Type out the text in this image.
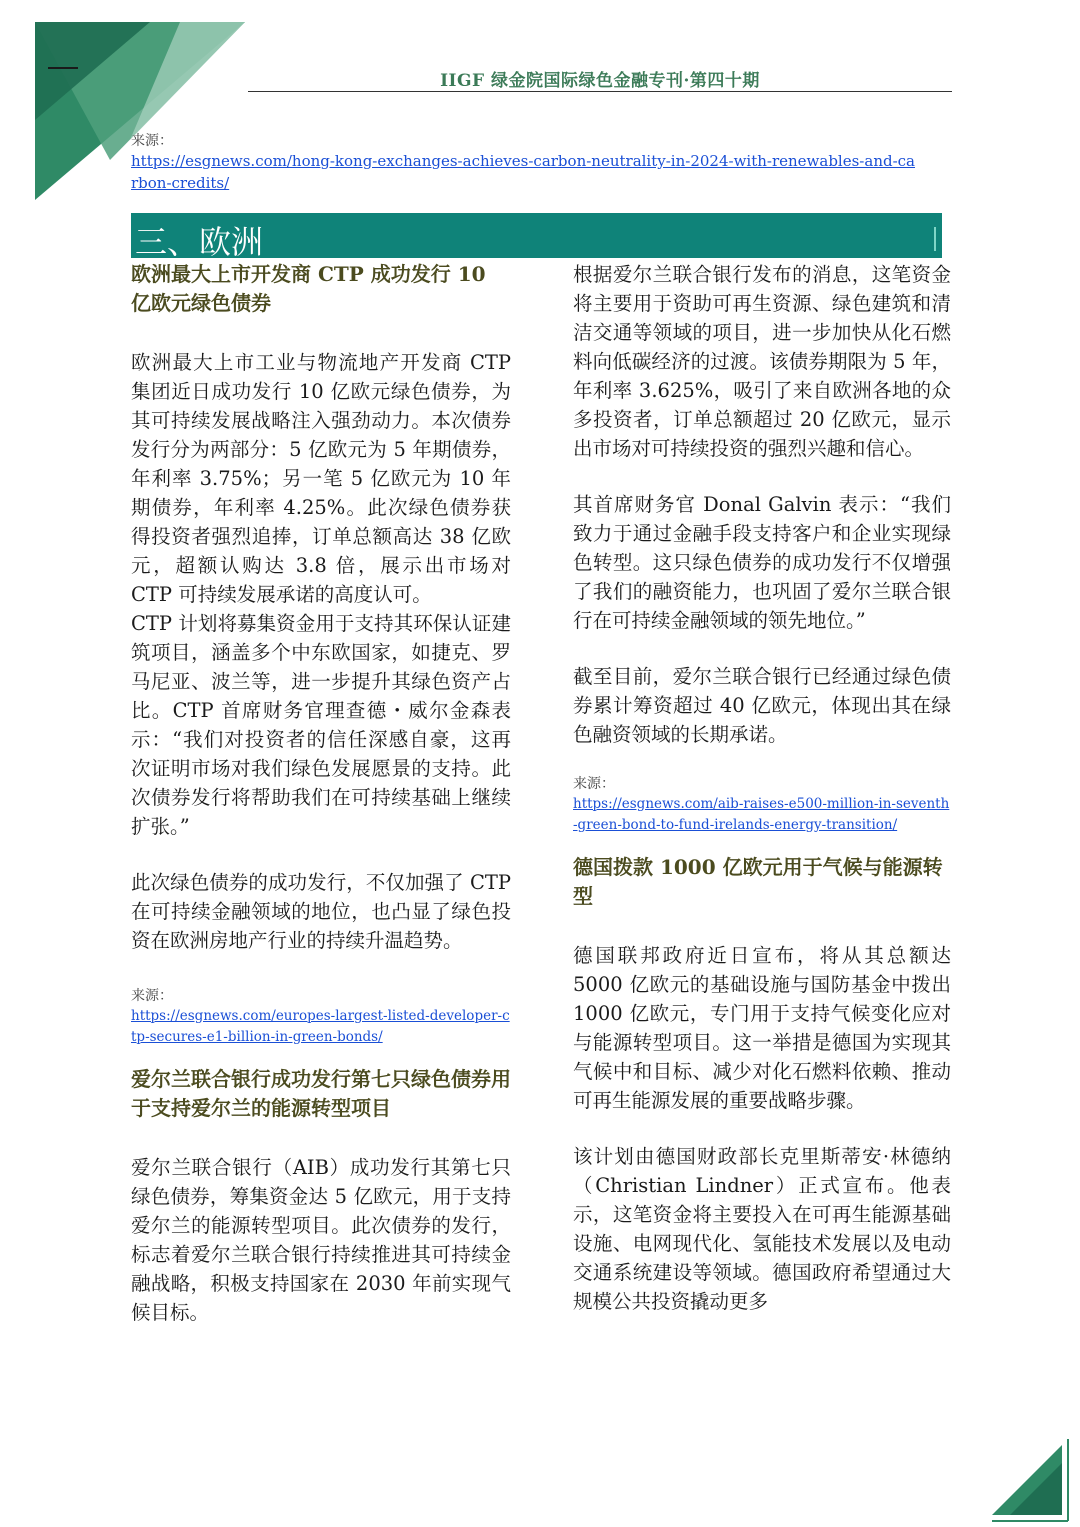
IIGF 绿金院国际绿色金融专刊·第四十期
来源：
https://esgnews.com/hong-kong-exchanges-achieves-carbon-neutrality-in-2024-with-renewables-and-carbon-credits/
三、欧洲
欧洲最大上市开发商 CTP 成功发行 10 亿欧元绿色债券

欧洲最大上市工业与物流地产开发商 CTP 集团近日成功发行 10 亿欧元绿色债券，为其可持续发展战略注入强劲动力。本次债券发行分为两部分：5 亿欧元为 5 年期债券，年利率 3.75%；另一笔 5 亿欧元为 10 年期债券，年利率 4.25%。此次绿色债券获得投资者强烈追捧，订单总额高达 38 亿欧元，超额认购达 3.8 倍，展示出市场对 CTP 可持续发展承诺的高度认可。

CTP 计划将募集资金用于支持其环保认证建筑项目，涵盖多个中东欧国家，如捷克、罗马尼亚、波兰等，进一步提升其绿色资产占比。CTP 首席财务官理查德・威尔金森表示：“我们对投资者的信任深感自豪，这再次证明市场对我们绿色发展愿景的支持。此次债券发行将帮助我们在可持续基础上继续扩张。”

此次绿色债券的成功发行，不仅加强了 CTP 在可持续金融领域的地位，也凸显了绿色投资在欧洲房地产行业的持续升温趋势。

来源：
https://esgnews.com/europes-largest-listed-developer-ctp-secures-e1-billion-in-green-bonds/
爱尔兰联合银行成功发行第七只绿色债券用于支持爱尔兰的能源转型项目

爱尔兰联合银行（AIB）成功发行其第七只绿色债券，筹集资金达 5 亿欧元，用于支持爱尔兰的能源转型项目。此次债券的发行，标志着爱尔兰联合银行持续推进其可持续金融战略，积极支持国家在 2030 年前实现气候目标。

根据爱尔兰联合银行发布的消息，这笔资金将主要用于资助可再生资源、绿色建筑和清洁交通等领域的项目，进一步加快从化石燃料向低碳经济的过渡。该债券期限为 5 年，年利率 3.625%，吸引了来自欧洲各地的众多投资者，订单总额超过 20 亿欧元，显示出市场对可持续投资的强烈兴趣和信心。

其首席财务官 Donal Galvin 表示：“我们致力于通过金融手段支持客户和企业实现绿色转型。这只绿色债券的成功发行不仅增强了我们的融资能力，也巩固了爱尔兰联合银行在可持续金融领域的领先地位。”

截至目前，爱尔兰联合银行已经通过绿色债券累计筹资超过 40 亿欧元，体现出其在绿色融资领域的长期承诺。

来源：
https://esgnews.com/aib-raises-e500-million-in-seventh-green-bond-to-fund-irelands-energy-transition/
德国拨款 1000 亿欧元用于气候与能源转型

德国联邦政府近日宣布，将从其总额达 5000 亿欧元的基础设施与国防基金中拨出 1000 亿欧元，专门用于支持气候变化应对与能源转型项目。这一举措是德国为实现其气候中和目标、减少对化石燃料依赖、推动可再生能源发展的重要战略步骤。

该计划由德国财政部长克里斯蒂安·林德纳（Christian Lindner）正式宣布。他表示，这笔资金将主要投入在可再生能源基础设施、电网现代化、氢能技术发展以及电动交通系统建设等领域。德国政府希望通过大规模公共投资撬动更多
